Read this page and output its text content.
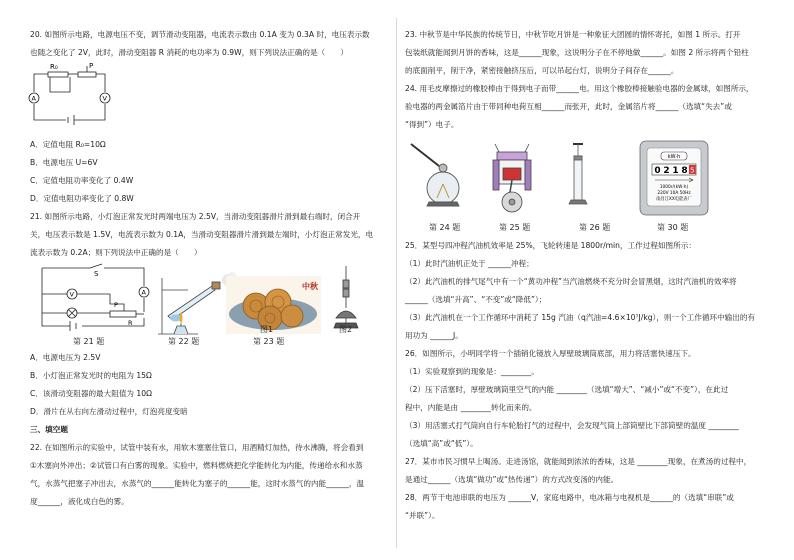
20. 如图所示电路，电源电压不变，调节滑动变阻器，电流表示数由 0.1A 变为 0.3A 时，电压表示数
也随之变化了 2V，此时，滑动变阻器 R 消耗的电功率为 0.9W，则下列说法正确的是（　　）
R₀	P
A	V
A．定值电阻 R₀=10Ω
B．电源电压 U=6V
C．定值电阻功率变化了 0.4W
D．定值电阻功率变化了 0.8W
21. 如图所示电路，小灯泡正常发光时两端电压为 2.5V，当滑动变阻器滑片滑到最右端时，闭合开
关，电压表示数是 1.5V，电流表示数为 0.1A，当滑动变阻器滑片滑到最左端时，小灯泡正常发光，电
流表示数为 0.2A；则下列说法中正确的是（　　）
S
V	A
P
R
中秋
第 21 题	第 22 题	第 23 题
图1	图2
A．电源电压为 2.5V
B．小灯泡正常发光时的电阻为 15Ω
C．该滑动变阻器的最大阻值为 10Ω
D．滑片在从右向左滑动过程中，灯泡亮度变暗
三、填空题
22. 在如图所示的实验中，试管中装有水，用软木塞塞住管口，用酒精灯加热，待水沸腾，将会看到
①木塞向外冲出；②试管口有白雾的现象。实验中，燃料燃烧把化学能转化为内能，传递给水和水蒸
气，水蒸气把塞子冲出去，水蒸气的______能转化为塞子的______能，这时水蒸气的内能______，温
度______，液化成白色的雾。
23. 中秋节是中华民族的传统节日，中秋节吃月饼是一种象征大团圆的情怀寄托，如图 1 所示。打开
包装纸就能闻到月饼的香味，这是______现象，这说明分子在不停地做______。如图 2 所示将两个铅柱
的底面削平，削干净，紧密接触挤压后，可以吊起台灯，说明分子间存在______。
24. 用毛皮摩擦过的橡胶棒由于得到电子而带______电。用这个橡胶棒接触验电器的金属球，如图所示，
验电器的两金属箔片由于带同种电荷互相______而张开，此时，金属箔片将______（选填“失去”或
“得到”）电子。
kW·h
0 2 1 8 5
1000r/(kW·h)
220V 10A 50Hz
南昌江XX电能表厂
第 24 题	第 25 题	第 26 题	第 30 题
25．某型号四冲程汽油机效率是 25%，飞轮转速是 1800r/min，工作过程如图所示：
（1）此时汽油机正处于 ______冲程；
（2）此汽油机的排气尾气中有一个“黄功冲程”当汽油燃烧不充分时会冒黑烟，这时汽油机的效率将
______（选填“升高”、“不变”或“降低”）；
（3）此汽油机在一个工作循环中消耗了 15g 汽油（q汽油=4.6×10⁷J/kg），则一个工作循环中输出的有
用功为 ______J。
26．如图所示，小明同学将一个插销化镜放入厚壁玻璃筒底部，用力将活塞快速压下。
（1）实验观察到的现象是：________。
（2）压下活塞时，厚壁玻璃筒里空气的内能 ________（选填“增大”、“减小”或“不变”），在此过
程中，内能是由 ________转化而来的。
（3）用活塞式打气筒向自行车轮胎打气的过程中，会发现气筒上部筒壁比下部筒壁的温度 ________
（选填“高”或“低”）。
27．某市市民习惯早上喝汤。走进汤馆，就能闻到浓浓的香味，这是 ________现象，在煮汤的过程中，
是通过______（选填“做功”或“热传递”）的方式改变汤的内能。
28．两节干电池串联的电压为 ______V，家庭电路中，电冰箱与电视机是______的（选填“串联”或
“并联”）。
